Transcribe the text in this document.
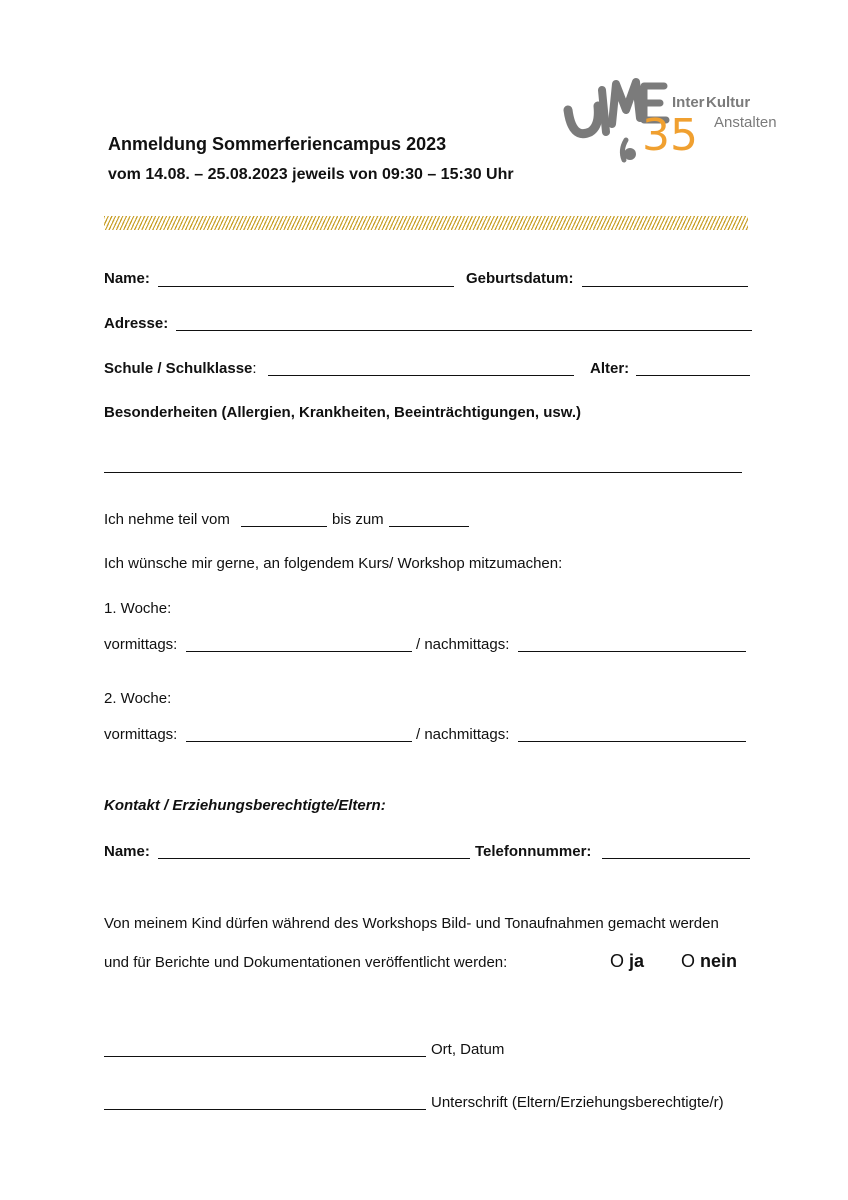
Inter Kultur
35 Anstalten
Anmeldung Sommerferiencampus 2023
vom 14.08. – 25.08.2023 jeweils von 09:30 – 15:30 Uhr
Name:	Geburtsdatum:
Adresse:
Schule / Schulklasse:	Alter:
Besonderheiten (Allergien, Krankheiten, Beeinträchtigungen, usw.)
Ich nehme teil vom	bis zum
Ich wünsche mir gerne, an folgendem Kurs/ Workshop mitzumachen:
1. Woche:
vormittags:	/ nachmittags:
2. Woche:
vormittags:	/ nachmittags:
Kontakt / Erziehungsberechtigte/Eltern:
Name:	Telefonnummer:
Von meinem Kind dürfen während des Workshops Bild- und Tonaufnahmen gemacht werden
und für Berichte und Dokumentationen veröffentlicht werden:	O ja O nein
Ort, Datum
Unterschrift (Eltern/Erziehungsberechtigte/r)
